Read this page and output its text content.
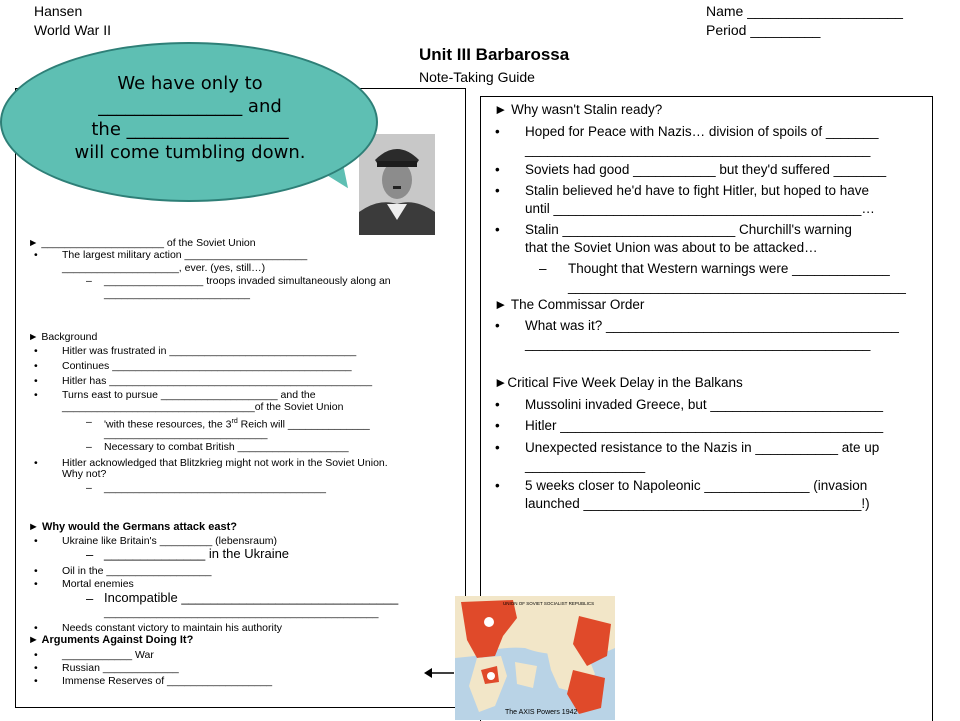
Hansen
World War II
Name ____________________
Period _________
Unit III Barbarossa
Note-Taking Guide
► _____________________ of the Soviet Union
• The largest military action _____________________
____________________, ever. (yes, still…)
– _________________ troops invaded simultaneously along an
_________________________
► Background
• Hitler was frustrated in ________________________________
• Continues _________________________________________
• Hitler has _____________________________________________
• Turns east to pursue ____________________ and the
_________________________________of the Soviet Union
– 'with these resources, the 3rd Reich will ______________
____________________________
– Necessary to combat British ___________________
• Hitler acknowledged that Blitzkrieg might not work in the Soviet Union.
Why not?
– ______________________________________
► Why would the Germans attack east?
• Ukraine like Britain's _________ (lebensraum)
– ______________ in the Ukraine
• Oil in the __________________
• Mortal enemies
– Incompatible ______________________________
_______________________________________________
• Needs constant victory to maintain his authority
► Arguments Against Doing It?
• ____________ War
• Russian _____________
• Immense Reserves of __________________
► Why wasn't Stalin ready?
• Hoped for Peace with Nazis… division of spoils of _______
______________________________________________
• Soviets had good ___________ but they'd suffered _______
• Stalin believed he'd have to fight Hitler, but hoped to have
until _________________________________________…
• Stalin _______________________ Churchill's warning
that the Soviet Union was about to be attacked…
– Thought that Western warnings were _____________
_____________________________________________
► The Commissar Order
• What was it? _______________________________________
______________________________________________
►Critical Five Week Delay in the Balkans
• Mussolini invaded Greece, but _______________________
• Hitler ___________________________________________
• Unexpected resistance to the Nazis in ___________ ate up
________________
• 5 weeks closer to Napoleonic ______________ (invasion
launched _____________________________________!)
We have only to
________________ and
the __________________
will come tumbling down.
UNION OF SOVIET SOCIALIST REPUBLICS
The AXIS Powers 1942
